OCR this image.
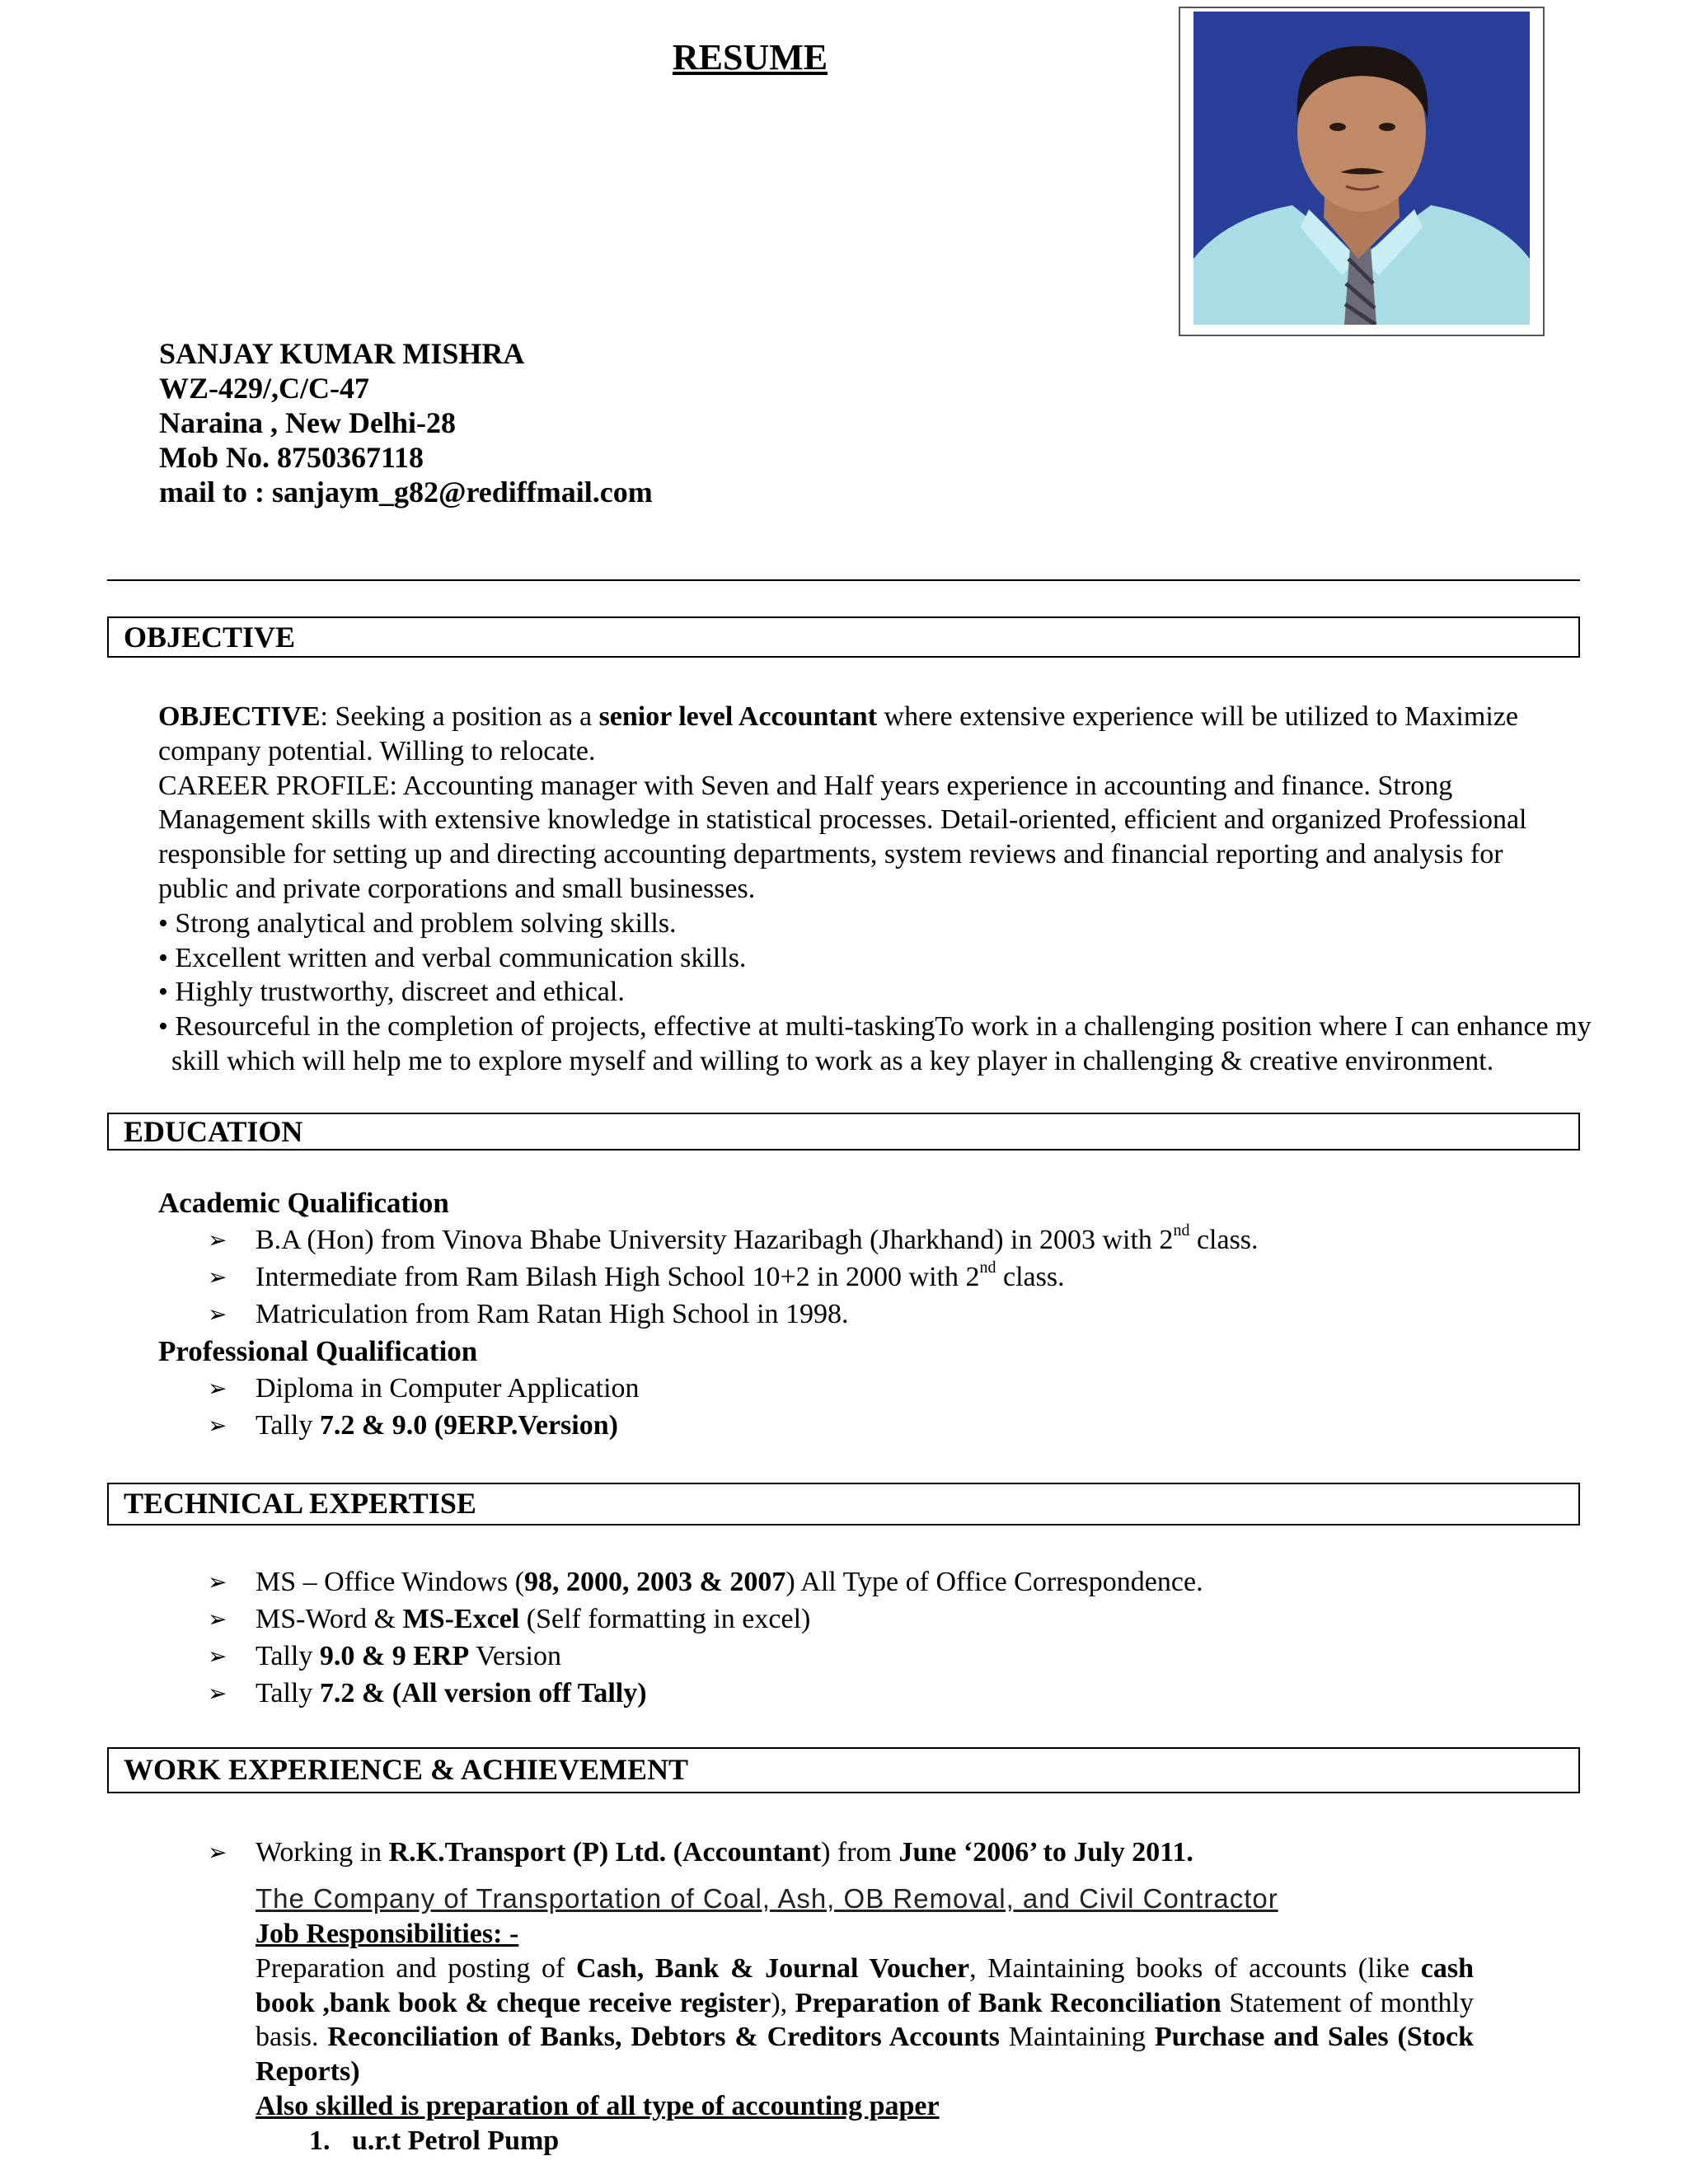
RESUME
SANJAY KUMAR MISHRA
WZ-429/,C/C-47
Naraina , New Delhi-28
Mob No. 8750367118
mail to : sanjaym_g82@rediffmail.com
OBJECTIVE

OBJECTIVE: Seeking a position as a senior level Accountant where extensive experience will be utilized to Maximize company potential. Willing to relocate.

CAREER PROFILE: Accounting manager with Seven and Half years experience in accounting and finance. Strong Management skills with extensive knowledge in statistical processes. Detail-oriented, efficient and organized Professional responsible for setting up and directing accounting departments, system reviews and financial reporting and analysis for public and private corporations and small businesses.

• Strong analytical and problem solving skills.
• Excellent written and verbal communication skills.
• Highly trustworthy, discreet and ethical.
• Resourceful in the completion of projects, effective at multi-taskingTo work in a challenging position where I can enhance my skill which will help me to explore myself and willing to work as a key player in challenging & creative environment.
EDUCATION
Academic Qualification
➢ B.A (Hon) from Vinova Bhabe University Hazaribagh (Jharkhand) in 2003 with 2nd class.
➢ Intermediate from Ram Bilash High School 10+2 in 2000 with 2nd class.
➢ Matriculation from Ram Ratan High School in 1998.
Professional Qualification
➢ Diploma in Computer Application
➢ Tally 7.2 & 9.0 (9ERP.Version)
TECHNICAL EXPERTISE
➢ MS – Office Windows (98, 2000, 2003 & 2007) All Type of Office Correspondence.
➢ MS-Word & MS-Excel (Self formatting in excel)
➢ Tally 9.0 & 9 ERP Version
➢ Tally 7.2 & (All version off Tally)
WORK EXPERIENCE & ACHIEVEMENT
➢ Working in R.K.Transport (P) Ltd. (Accountant) from June ‘2006’ to July 2011.
The Company of Transportation of Coal, Ash, OB Removal, and Civil Contractor
Job Responsibilities: -

Preparation and posting of Cash, Bank & Journal Voucher, Maintaining books of accounts (like cash book ,bank book & cheque receive register), Preparation of Bank Reconciliation Statement of monthly basis. Reconciliation of Banks, Debtors & Creditors Accounts Maintaining Purchase and Sales (Stock Reports)

Also skilled is preparation of all type of accounting paper
1. u.r.t Petrol Pump
